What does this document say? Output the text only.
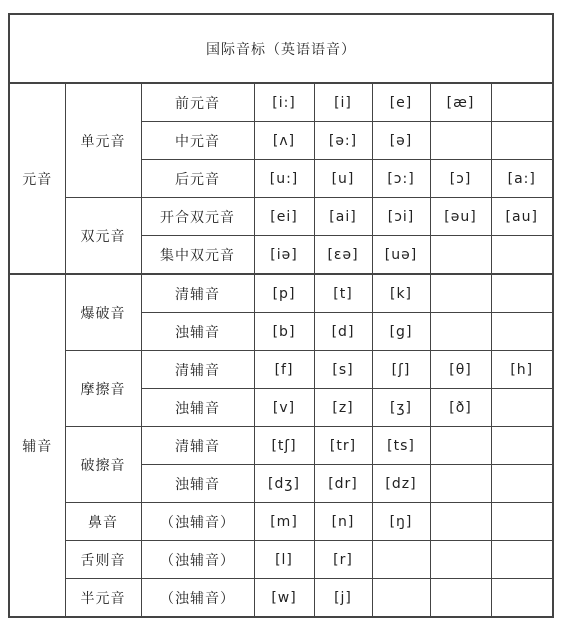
国际音标（英语语音）							
元音	单元音	前元音	[i:]	[i]	[e]	[æ]	
		中元音	[ʌ]	[ə:]	[ə]		
		后元音	[u:]	[u]	[ɔ:]	[ɔ]	[a:]
	双元音	开合双元音	[ei]	[ai]	[ɔi]	[əu]	[au]
		集中双元音	[iə]	[εə]	[uə]		
辅音	爆破音	清辅音	[p]	[t]	[k]		
		浊辅音	[b]	[d]	[g]		
	摩擦音	清辅音	[f]	[s]	[ʃ]	[θ]	[h]
		浊辅音	[v]	[z]	[ʒ]	[ð]	
	破擦音	清辅音	[tʃ]	[tr]	[ts]		
		浊辅音	[dʒ]	[dr]	[dz]		
	鼻音	（浊辅音）	[m]	[n]	[ŋ]		
	舌则音	（浊辅音）	[l]	[r]			
	半元音	（浊辅音）	[w]	[j]			
